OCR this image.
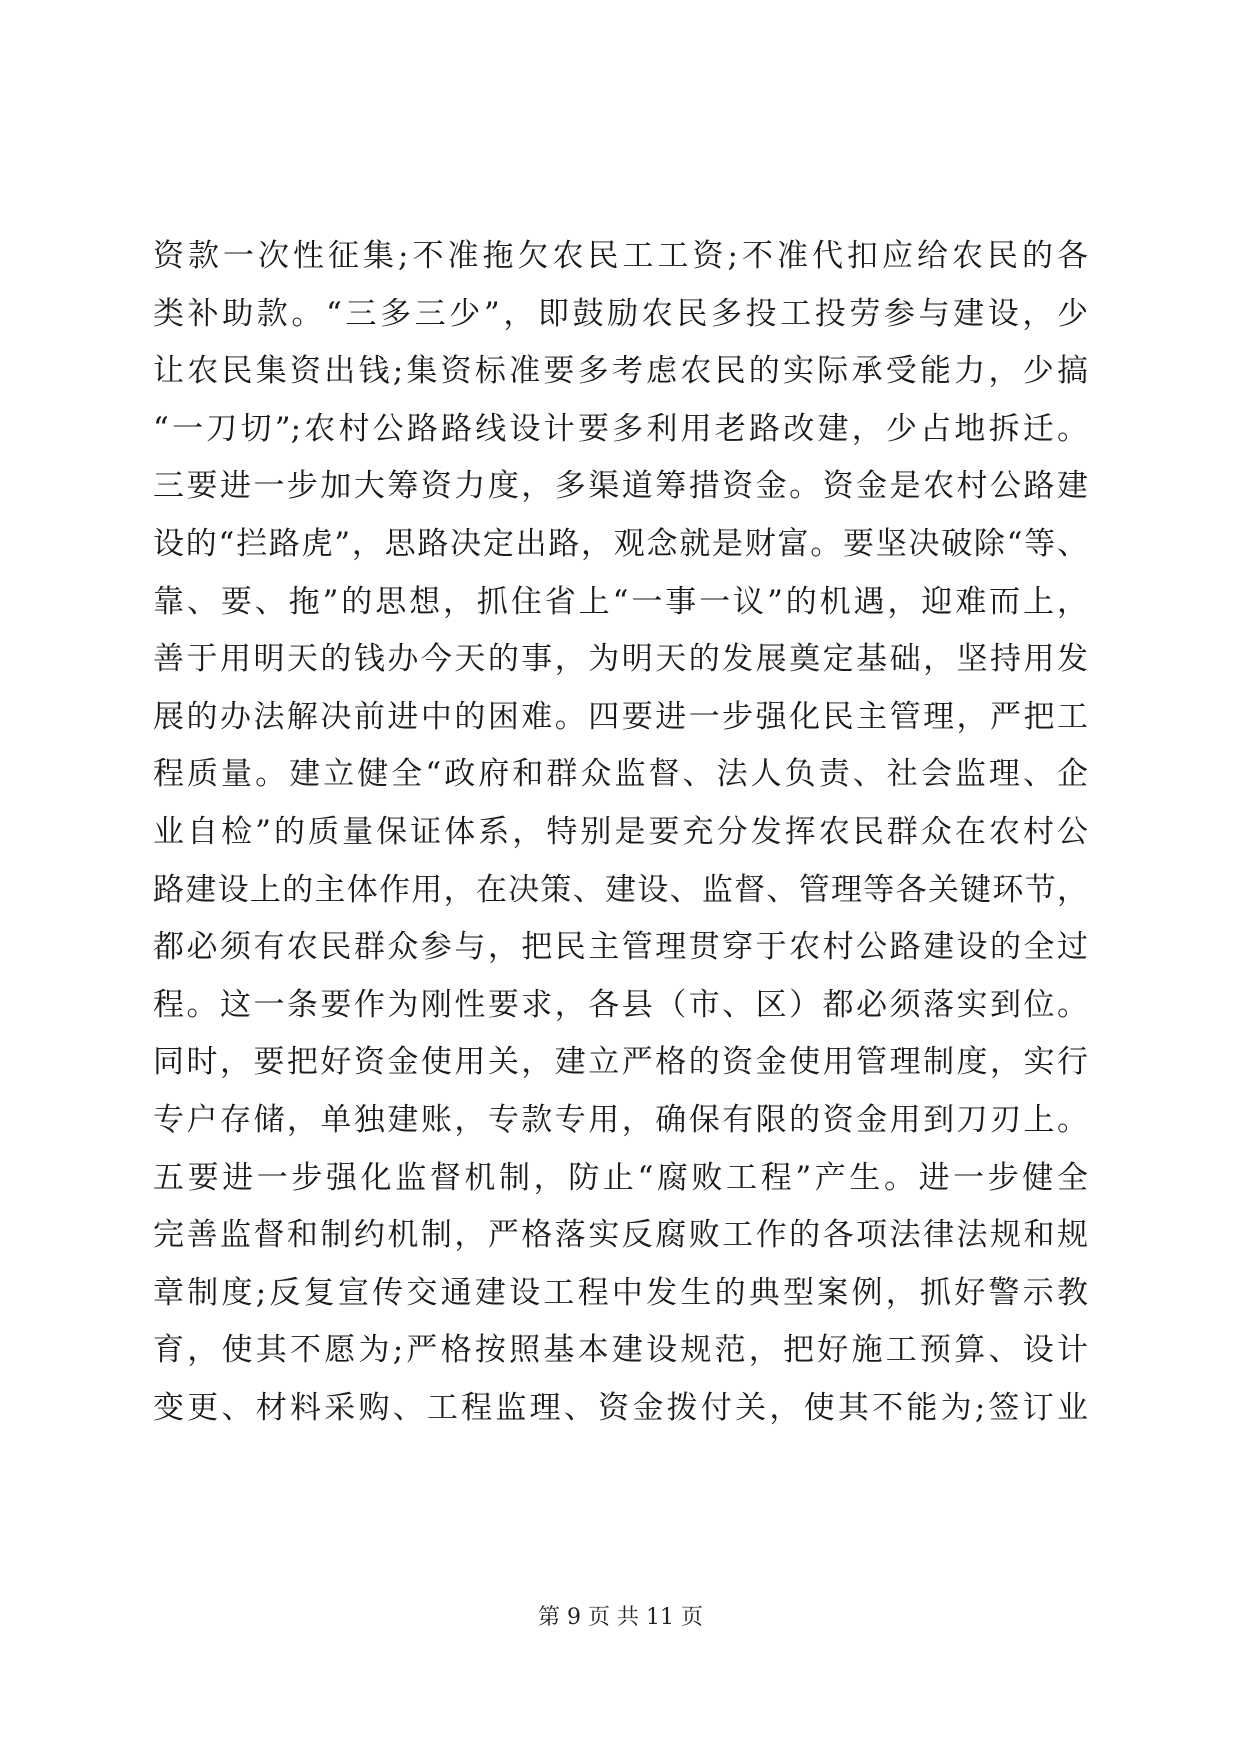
资款一次性征集;不准拖欠农民工工资;不准代扣应给农民的各
类补助款。“三多三少”，即鼓励农民多投工投劳参与建设，少
让农民集资出钱;集资标准要多考虑农民的实际承受能力，少搞
“一刀切”;农村公路路线设计要多利用老路改建，少占地拆迁。
三要进一步加大筹资力度，多渠道筹措资金。资金是农村公路建
设的“拦路虎”，思路决定出路，观念就是财富。要坚决破除“等、
靠、要、拖”的思想，抓住省上“一事一议”的机遇，迎难而上，
善于用明天的钱办今天的事，为明天的发展奠定基础，坚持用发
展的办法解决前进中的困难。四要进一步强化民主管理，严把工
程质量。建立健全“政府和群众监督、法人负责、社会监理、企
业自检”的质量保证体系，特别是要充分发挥农民群众在农村公
路建设上的主体作用，在决策、建设、监督、管理等各关键环节，
都必须有农民群众参与，把民主管理贯穿于农村公路建设的全过
程。这一条要作为刚性要求，各县（市、区）都必须落实到位。
同时，要把好资金使用关，建立严格的资金使用管理制度，实行
专户存储，单独建账，专款专用，确保有限的资金用到刀刃上。
五要进一步强化监督机制，防止“腐败工程”产生。进一步健全
完善监督和制约机制，严格落实反腐败工作的各项法律法规和规
章制度;反复宣传交通建设工程中发生的典型案例，抓好警示教
育，使其不愿为;严格按照基本建设规范，把好施工预算、设计
变更、材料采购、工程监理、资金拨付关，使其不能为;签订业
第 9 页 共 11 页
